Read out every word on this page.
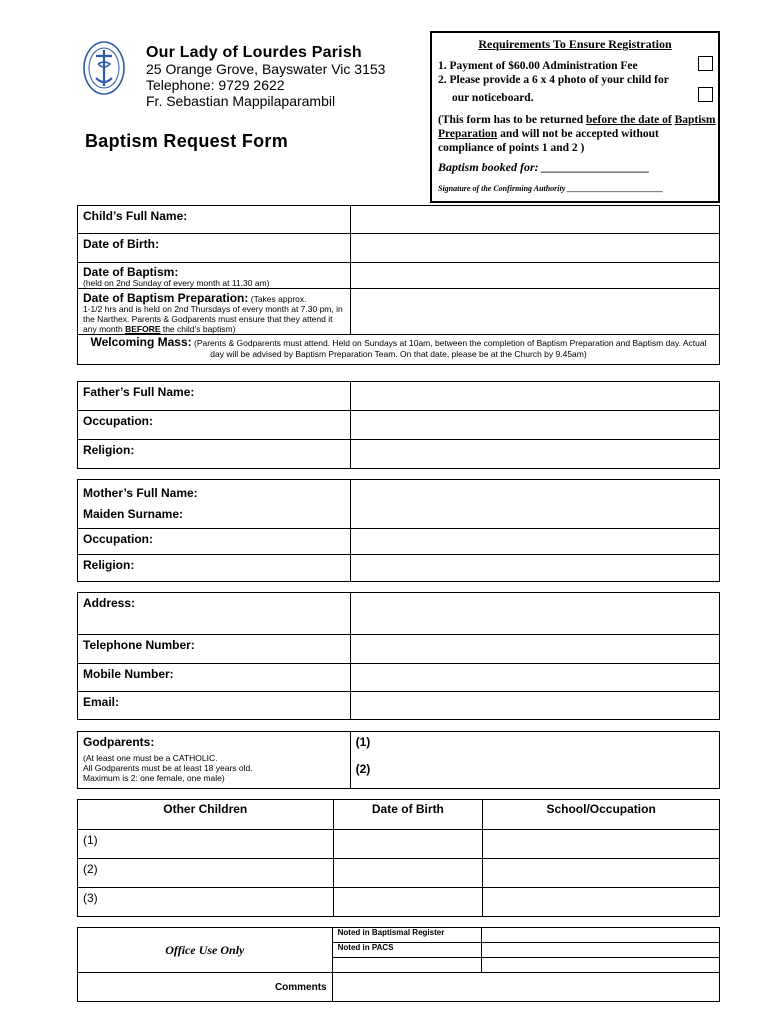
Our Lady of Lourdes Parish
25 Orange Grove, Bayswater Vic 3153
Telephone: 9729 2622
Fr. Sebastian Mappilaparambil
Baptism Request Form
Requirements To Ensure Registration
1. Payment of $60.00 Administration Fee
2. Please provide a 6 x 4 photo of your child for
our noticeboard.
(This form has to be returned before the date of Baptism Preparation and will not be accepted without compliance of points 1 and 2 )
Baptism booked for: __________________
Signature of the Confirming Authority ________________________
Child’s Full Name:	
Date of Birth:	

Date of Baptism:
(held on 2nd Sunday of every month at 11.30 am)	

Date of Baptism Preparation: (Takes approx.
1-1/2 hrs and is held on 2nd Thursdays of every month at 7.30 pm, in the Narthex. Parents & Godparents must ensure that they attend it any month BEFORE the child’s baptism)	

Welcoming Mass: (Parents & Godparents must attend. Held on Sundays at 10am, between the completion of Baptism Preparation and Baptism day. Actual day will be advised by Baptism Preparation Team. On that date, please be at the Church by 9.45am)	
Father’s Full Name:	
Occupation:	
Religion:	
Mother’s Full Name:
Maiden Surname:	

Occupation:	
Religion:	
Address:	
Telephone Number:	
Mobile Number:	
Email:	
Godparents:
(At least one must be a CATHOLIC.
All Godparents must be at least 18 years old.
Maximum is 2: one female, one male)

(1)
(2)
Other Children	Date of Birth	School/Occupation
(1)		
(2)		
(3)		
Office Use Only	Noted in Baptismal Register	
	Noted in PACS	

Comments		
